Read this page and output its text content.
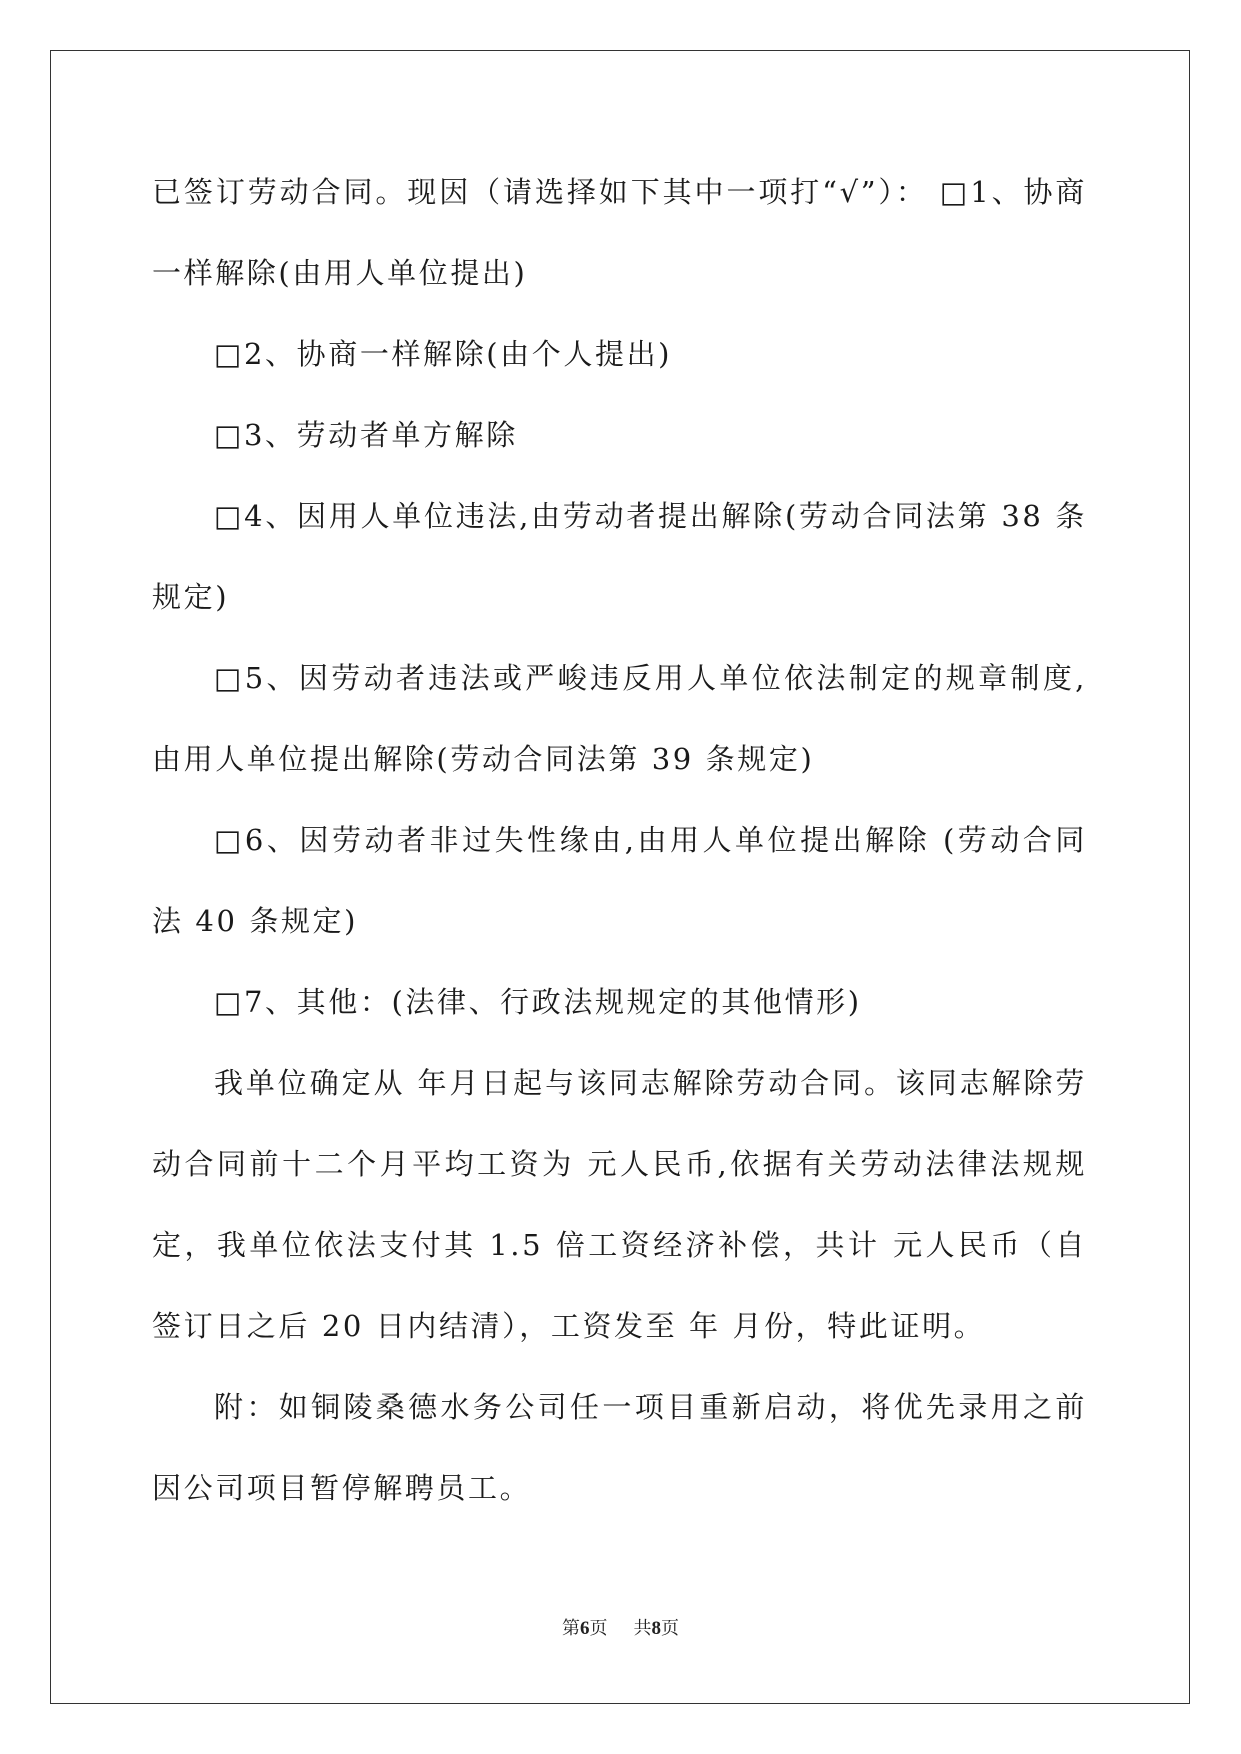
已签订劳动合同。现因（请选择如下其中一项打“√”）： □1、协商一样解除(由用人单位提出)

□2、协商一样解除(由个人提出)

□3、劳动者单方解除

□4、因用人单位违法,由劳动者提出解除(劳动合同法第 38 条规定)

□5、因劳动者违法或严峻违反用人单位依法制定的规章制度,由用人单位提出解除(劳动合同法第 39 条规定)

□6、因劳动者非过失性缘由,由用人单位提出解除 (劳动合同法 40 条规定)

□7、其他：(法律、行政法规规定的其他情形)

我单位确定从 年月日起与该同志解除劳动合同。该同志解除劳动合同前十二个月平均工资为 元人民币,依据有关劳动法律法规规定，我单位依法支付其 1.5 倍工资经济补偿，共计 元人民币（自签订日之后 20 日内结清），工资发至 年 月份，特此证明。

附：如铜陵桑德水务公司任一项目重新启动，将优先录用之前因公司项目暂停解聘员工。

第6页 共8页
